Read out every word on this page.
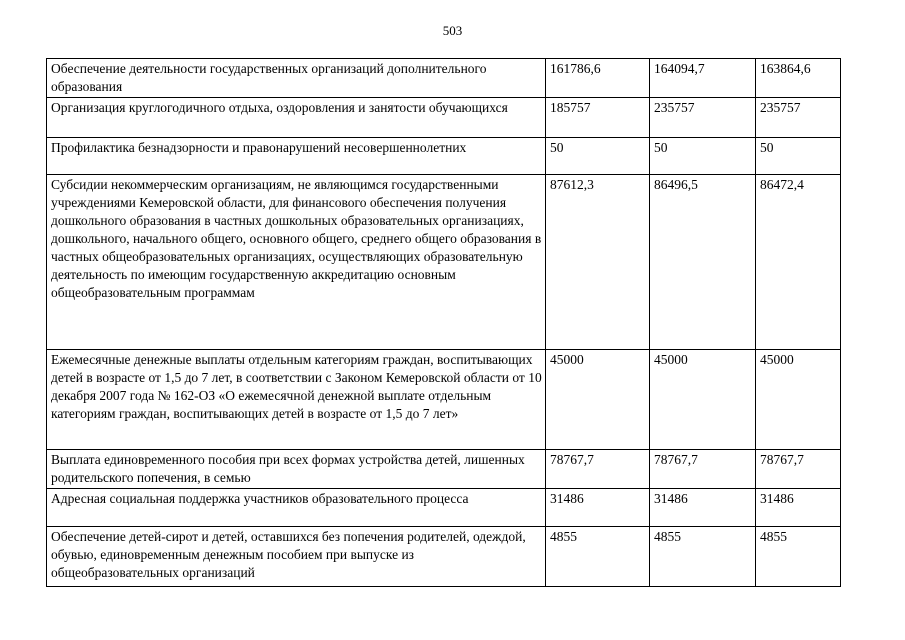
503
Обеспечение деятельности государственных организаций дополнительного образования	161786,6	164094,7	163864,6
Организация круглогодичного отдыха, оздоровления и занятости обучающихся	185757	235757	235757
Профилактика безнадзорности и правонарушений несовершеннолетних	50	50	50
Субсидии некоммерческим организациям, не являющимся государственными учреждениями Кемеровской области, для финансового обеспечения получения дошкольного образования в частных дошкольных образовательных организациях, дошкольного, начального общего, основного общего, среднего общего образования в частных общеобразовательных организациях, осуществляющих образовательную деятельность по имеющим государственную аккредитацию основным общеобразовательным программам	87612,3	86496,5	86472,4
Ежемесячные денежные выплаты отдельным категориям граждан, воспитывающих детей в возрасте от 1,5 до 7 лет, в соответствии с Законом Кемеровской области от 10 декабря 2007 года № 162-ОЗ «О ежемесячной денежной выплате отдельным категориям граждан, воспитывающих детей в возрасте от 1,5 до 7 лет»	45000	45000	45000
Выплата единовременного пособия при всех формах устройства детей, лишенных родительского попечения, в семью	78767,7	78767,7	78767,7
Адресная социальная поддержка участников образовательного процесса	31486	31486	31486
Обеспечение детей-сирот и детей, оставшихся без попечения родителей, одеждой, обувью, единовременным денежным пособием при выпуске из общеобразовательных организаций	4855	4855	4855
